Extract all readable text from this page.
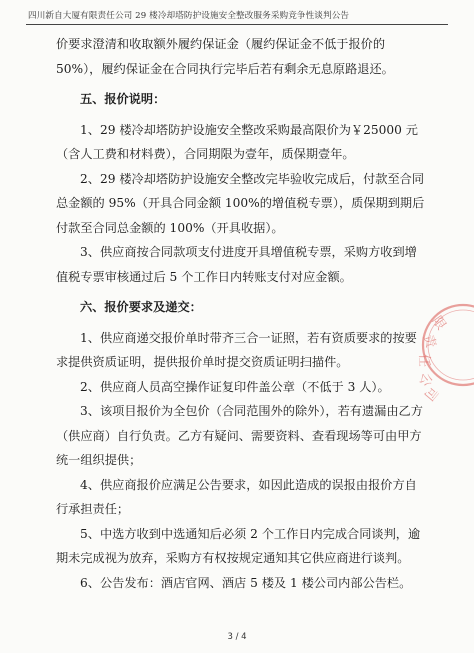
四川新自大厦有限责任公司 29 楼冷却塔防护设施安全整改服务采购竞争性谈判公告

价要求澄清和收取额外履约保证金（履约保证金不低于报价的 50%），履约保证金在合同执行完毕后若有剩余无息原路退还。

五、报价说明：

1、29 楼冷却塔防护设施安全整改采购最高限价为￥25000 元（含人工费和材料费），合同期限为壹年，质保期壹年。

2、29 楼冷却塔防护设施安全整改完毕验收完成后，付款至合同总金额的 95%（开具合同金额 100%的增值税专票），质保期到期后付款至合同总金额的 100%（开具收据）。

3、供应商按合同款项支付进度开具增值税专票，采购方收到增值税专票审核通过后 5 个工作日内转账支付对应金额。

六、报价要求及递交：

1、供应商递交报价单时带齐三合一证照，若有资质要求的按要求提供资质证明，提供报价单时提交资质证明扫描件。

2、供应商人员高空操作证复印件盖公章（不低于 3 人）。

3、该项目报价为全包价（合同范围外的除外），若有遗漏由乙方（供应商）自行负责。乙方有疑问、需要资料、查看现场等可由甲方统一组织提供；

4、供应商报价应满足公告要求，如因此造成的误报由报价方自行承担责任；

5、中选方收到中选通知后必须 2 个工作日内完成合同谈判，逾期未完成视为放弃，采购方有权按规定通知其它供应商进行谈判。

6、公告发布：酒店官网、酒店 5 楼及 1 楼公司内部公告栏。

限
责
任
公
司
3 / 4
